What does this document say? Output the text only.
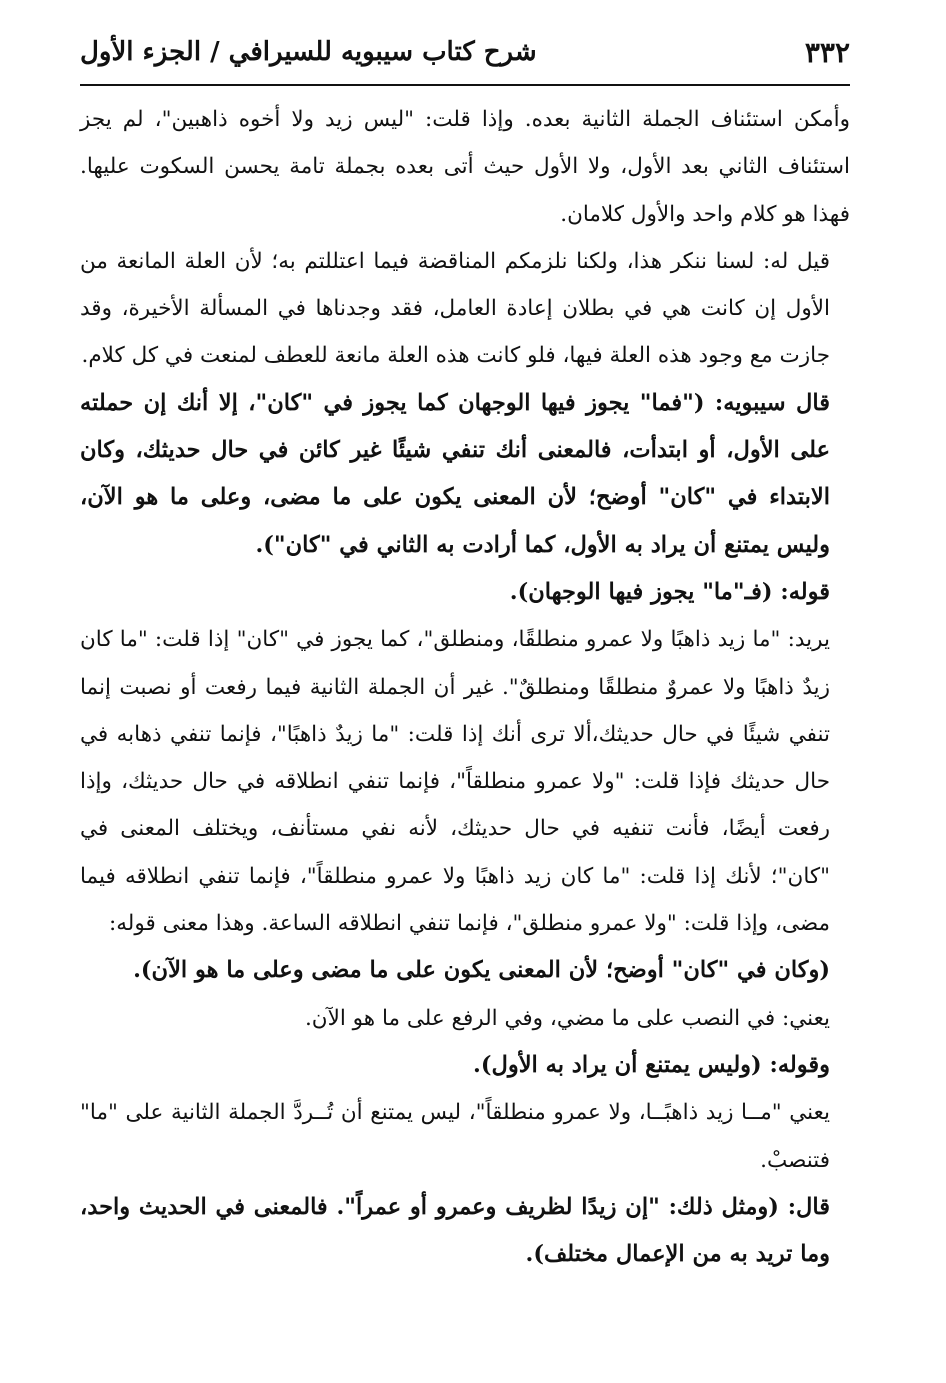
٣٣٢
شرح كتاب سيبويه للسيرافي / الجزء الأول

وأمكن استئناف الجملة الثانية بعده. وإذا قلت: "ليس زيد ولا أخوه ذاهبين"، لم يجز استئناف الثاني بعد الأول، ولا الأول حيث أتى بعده بجملة تامة يحسن السكوت عليها. فهذا هو كلام واحد والأول كلامان.

قيل له: لسنا ننكر هذا، ولكنا نلزمكم المناقضة فيما اعتللتم به؛ لأن العلة المانعة من الأول إن كانت هي في بطلان إعادة العامل، فقد وجدناها في المسألة الأخيرة، وقد جازت مع وجود هذه العلة فيها، فلو كانت هذه العلة مانعة للعطف لمنعت في كل كلام.

قال سيبويه: ("فما" يجوز فيها الوجهان كما يجوز في "كان"، إلا أنك إن حملته على الأول، أو ابتدأت، فالمعنى أنك تنفي شيئًا غير كائن في حال حديثك، وكان الابتداء في "كان" أوضح؛ لأن المعنى يكون على ما مضى، وعلى ما هو الآن، وليس يمتنع أن يراد به الأول، كما أرادت به الثاني في "كان").

قوله: (فـ"ما" يجوز فيها الوجهان).

يريد: "ما زيد ذاهبًا ولا عمرو منطلقًا، ومنطلق"، كما يجوز في "كان" إذا قلت: "ما كان زيدٌ ذاهبًا ولا عمروٌ منطلقًا ومنطلقٌ". غير أن الجملة الثانية فيما رفعت أو نصبت إنما تنفي شيئًا في حال حديثك،ألا ترى أنك إذا قلت: "ما زيدٌ ذاهبًا"، فإنما تنفي ذهابه في حال حديثك فإذا قلت: "ولا عمرو منطلقاً"، فإنما تنفي انطلاقه في حال حديثك، وإذا رفعت أيضًا، فأنت تنفيه في حال حديثك، لأنه نفي مستأنف، ويختلف المعنى في "كان"؛ لأنك إذا قلت: "ما كان زيد ذاهبًا ولا عمرو منطلقاً"، فإنما تنفي انطلاقه فيما مضى، وإذا قلت: "ولا عمرو منطلق"، فإنما تنفي انطلاقه الساعة. وهذا معنى قوله:

(وكان في "كان" أوضح؛ لأن المعنى يكون على ما مضى وعلى ما هو الآن).

يعني: في النصب على ما مضي، وفي الرفع على ما هو الآن.

وقوله: (وليس يمتنع أن يراد به الأول).

يعني "مــا زيد ذاهبًــا، ولا عمرو منطلقاً"، ليس يمتنع أن تُــردَّ الجملة الثانية على "ما" فتنصبْ.

قال: (ومثل ذلك: "إن زيدًا لظريف وعمرو أو عمراً". فالمعنى في الحديث واحد، وما تريد به من الإعمال مختلف).
